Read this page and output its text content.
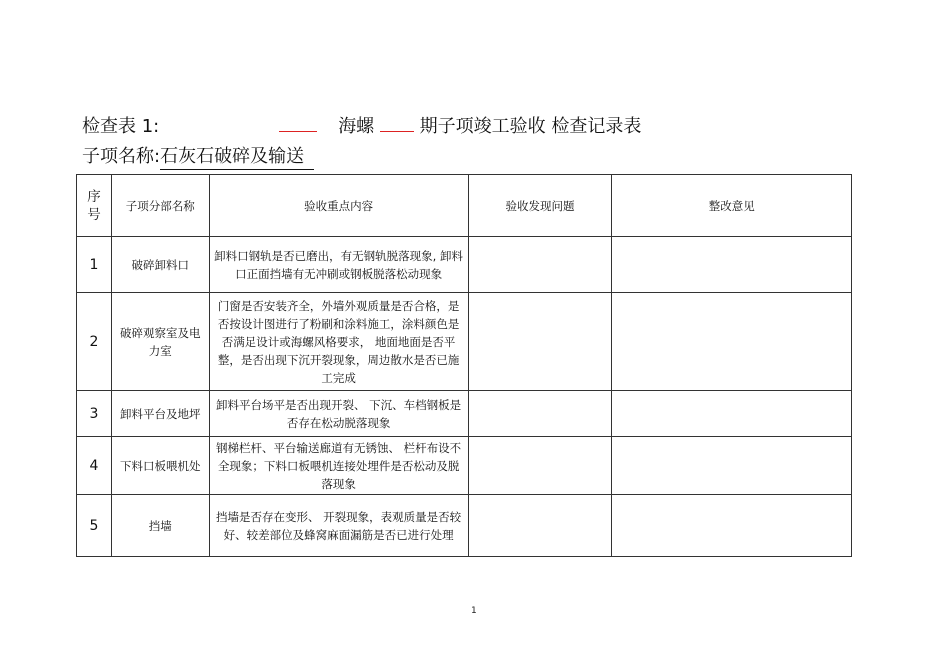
检查表 1:	海螺	期子项竣工验收 检查记录表
子项名称:石灰石破碎及输送
序号	子项分部名称	验收重点内容	验收发现问题	整改意见
1	破碎卸料口	卸料口钢轨是否已磨出，有无钢轨脱落现象, 卸料口正面挡墙有无冲刷或钢板脱落松动现象		
2	破碎观察室及电力室	门窗是否安装齐全，外墙外观质量是否合格，是否按设计图进行了粉刷和涂料施工，涂料颜色是否满足设计或海螺风格要求， 地面地面是否平整，是否出现下沉开裂现象，周边散水是否已施工完成		
3	卸料平台及地坪	卸料平台场平是否出现开裂、 下沉、车档钢板是否存在松动脱落现象		
4	下料口板喂机处	钢梯栏杆、平台输送廊道有无锈蚀、 栏杆布设不全现象；下料口板喂机连接处埋件是否松动及脱落现象		
5	挡墙	挡墙是否存在变形、 开裂现象，表观质量是否较好、较差部位及蜂窝麻面漏筋是否已进行处理		
1
